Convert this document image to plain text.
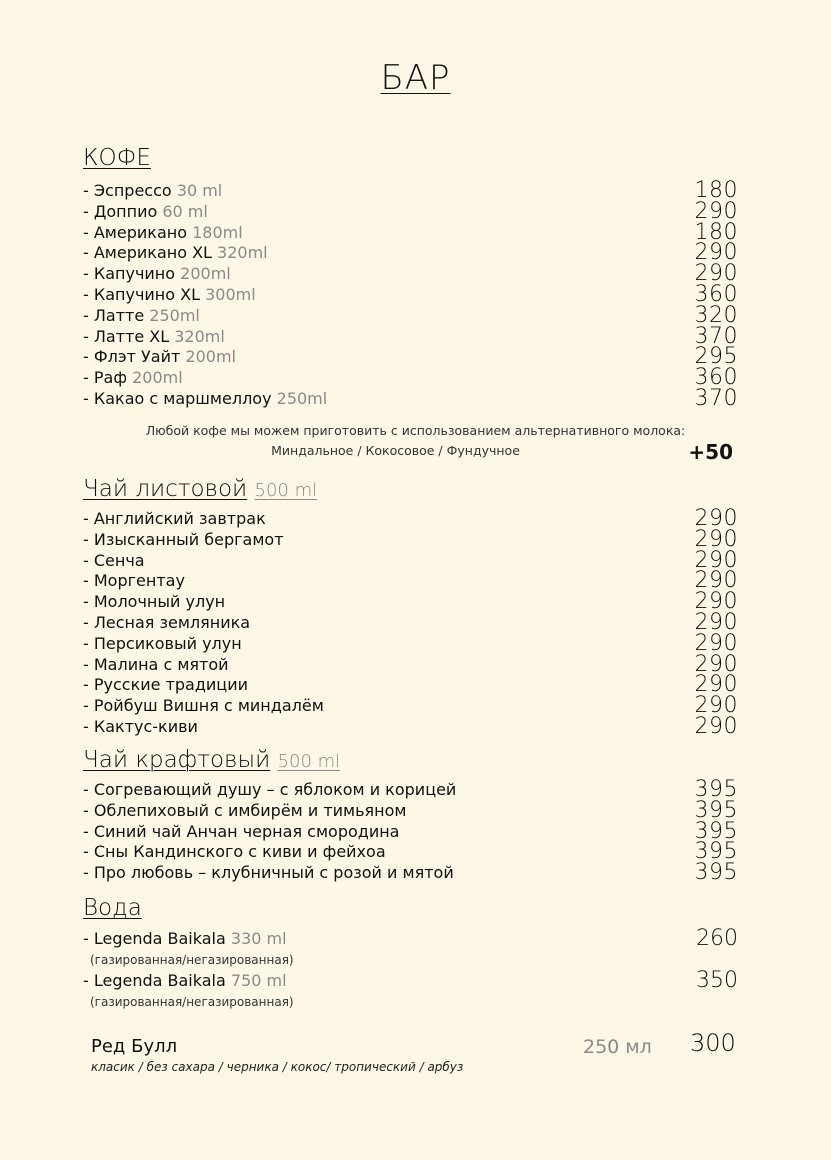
БАР
КОФЕ
- Эспрессо 30 ml	180
- Доппио 60 ml	290
- Американо 180ml	180
- Американо XL 320ml	290
- Капучино 200ml	290
- Капучино XL 300ml	360
- Латте 250ml	320
- Латте XL 320ml	370
- Флэт Уайт 200ml	295
- Раф 200ml	360
- Какао с маршмеллоу 250ml	370
Любой кофе мы можем приготовить с использованием альтернативного молока:
Миндальное / Кокосовое / Фундучное	+50
Чай листовой 500 ml
- Английский завтрак	290
- Изысканный бергамот	290
- Сенча	290
- Моргентау	290
- Молочный улун	290
- Лесная земляника	290
- Персиковый улун	290
- Малина с мятой	290
- Русские традиции	290
- Ройбуш Вишня с миндалём	290
- Кактус-киви	290
Чай крафтовый 500 ml
- Согревающий душу – с яблоком и корицей	395
- Облепиховый с имбирём и тимьяном	395
- Синий чай Анчан черная смородина	395
- Сны Кандинского с киви и фейхоа	395
- Про любовь – клубничный с розой и мятой	395
Вода
- Legenda Baikala 330 ml	260
(газированная/негазированная)
- Legenda Baikala 750 ml	350
(газированная/негазированная)
Ред Булл	250 мл 300
класик / без сахара / черника / кокос/ тропический / арбуз
